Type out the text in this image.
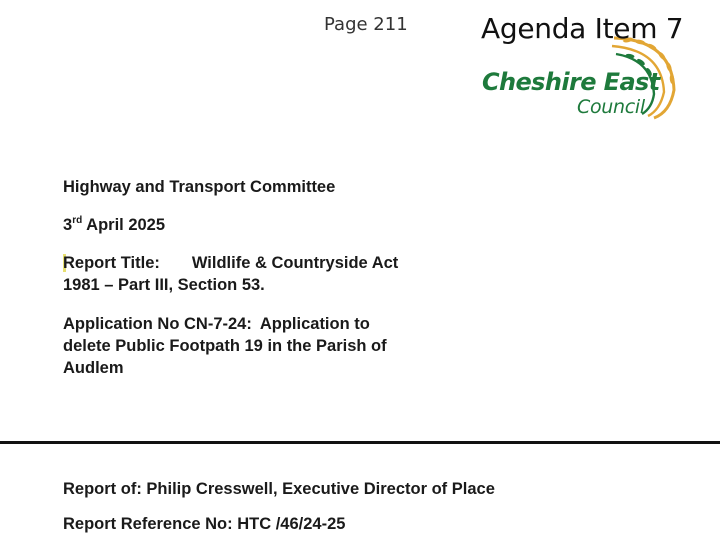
Page 211	Agenda Item 7
Cheshire East
Council
Highway and Transport Committee
3rd April 2025
Report Title: Wildlife & Countryside Act 1981 – Part III, Section 53.
Application No CN-7-24: Application to delete Public Footpath 19 in the Parish of Audlem
Report of: Philip Cresswell, Executive Director of Place
Report Reference No: HTC /46/24-25
